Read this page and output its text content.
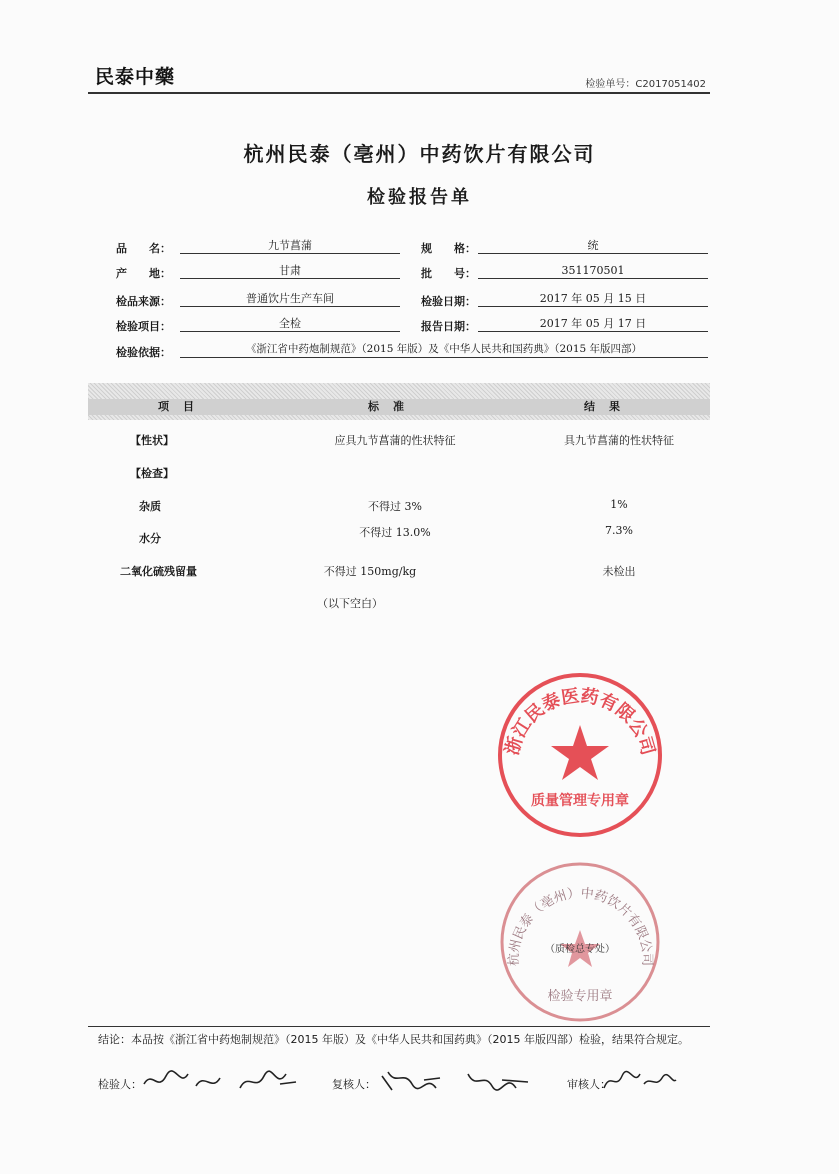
民泰中藥	检验单号：C2017051402
杭州民泰（亳州）中药饮片有限公司
检验报告单
品　　名：	九节菖蒲	规　　格：	统
产　　地：	甘肃	批　　号：	351170501
检品来源：	普通饮片生产车间	检验日期：	2017 年 05 月 15 日
检验项目：	全检	报告日期：	2017 年 05 月 17 日
检验依据：	《浙江省中药炮制规范》（2015 年版）及《中华人民共和国药典》（2015 年版四部）
项目	标准	结果
【性状】	应具九节菖蒲的性状特征	具九节菖蒲的性状特征
【检查】
杂质	不得过 3%	1%
水分	不得过 13.0%	7.3%
二氧化硫残留量	不得过 150mg/kg	未检出
（以下空白）
浙江民泰医药有限公司
质量管理专用章
杭州民泰（亳州）中药饮片有限公司
（质检总专处）
检验专用章
结论：本品按《浙江省中药炮制规范》（2015 年版）及《中华人民共和国药典》（2015 年版四部）检验，结果符合规定。
检验人：	复核人：	审核人：
